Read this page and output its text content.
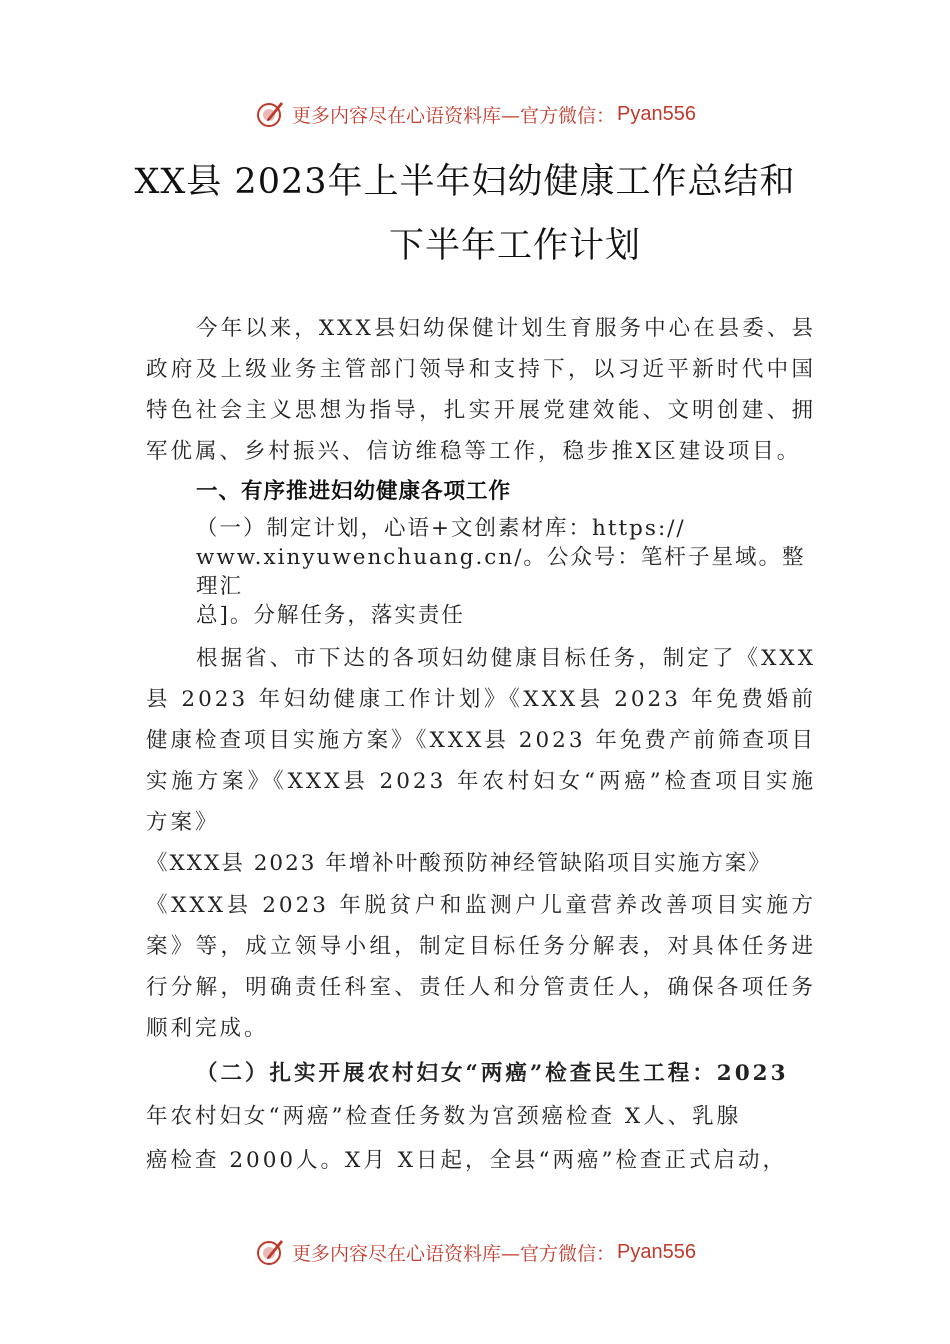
更多内容尽在心语资料库—官方微信： Pyan556
XX县 2023年上半年妇幼健康工作总结和
下半年工作计划

今年以来，XXX县妇幼保健计划生育服务中心在县委、县政府及上级业务主管部门领导和支持下，以习近平新时代中国特色社会主义思想为指导，扎实开展党建效能、文明创建、拥军优属、乡村振兴、信访维稳等工作，稳步推X区建设项目。

一、有序推进妇幼健康各项工作

（一）制定计划，心语+文创素材库：https://
www.xinyuwenchuang.cn/。公众号：笔杆子星域。整理汇
总]。分解任务，落实责任

根据省、市下达的各项妇幼健康目标任务，制定了《XXX县 2023 年妇幼健康工作计划》《XXX县 2023 年免费婚前健康检查项目实施方案》《XXX县 2023 年免费产前筛查项目实施方案》《XXX县 2023 年农村妇女“两癌”检查项目实施方案》

《XXX县 2023 年增补叶酸预防神经管缺陷项目实施方案》

《XXX县 2023 年脱贫户和监测户儿童营养改善项目实施方案》等，成立领导小组，制定目标任务分解表，对具体任务进行分解，明确责任科室、责任人和分管责任人，确保各项任务顺利完成。

（二）扎实开展农村妇女“两癌”检查民生工程：2023

年农村妇女“两癌”检查任务数为宫颈癌检查 X人、乳腺

癌检查 2000人。X月 X日起，全县“两癌”检查正式启动，

更多内容尽在心语资料库—官方微信： Pyan556
